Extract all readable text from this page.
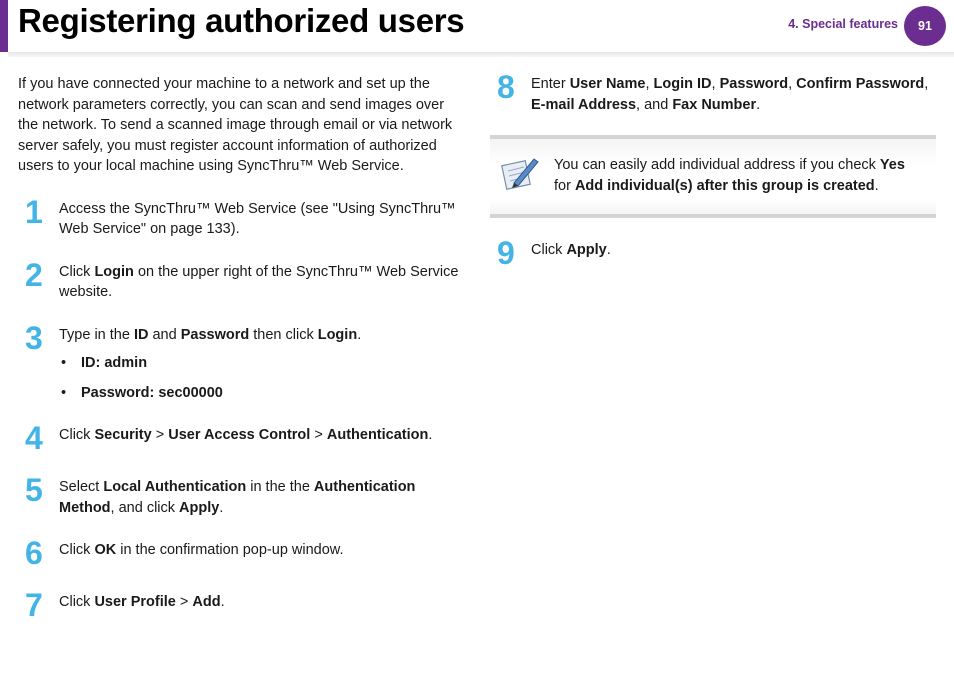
Registering authorized users	4. Special features	91

If you have connected your machine to a network and set up the network parameters correctly, you can scan and send images over the network. To send a scanned image through email or via network server safely, you must register account information of authorized users to your local machine using SyncThru™ Web Service.

1 Access the SyncThru™ Web Service (see "Using SyncThru™ Web Service" on page 133).

2 Click Login on the upper right of the SyncThru™ Web Service website.

3 Type in the ID and Password then click Login.

• ID: admin
• Password: sec00000
4 Click Security > User Access Control > Authentication.

5 Select Local Authentication in the the Authentication Method, and click Apply.

6 Click OK in the confirmation pop-up window.

7 Click User Profile > Add.

8 Enter User Name, Login ID, Password, Confirm Password, E-mail Address, and Fax Number.

You can easily add individual address if you check Yes for Add individual(s) after this group is created.

9 Click Apply.
